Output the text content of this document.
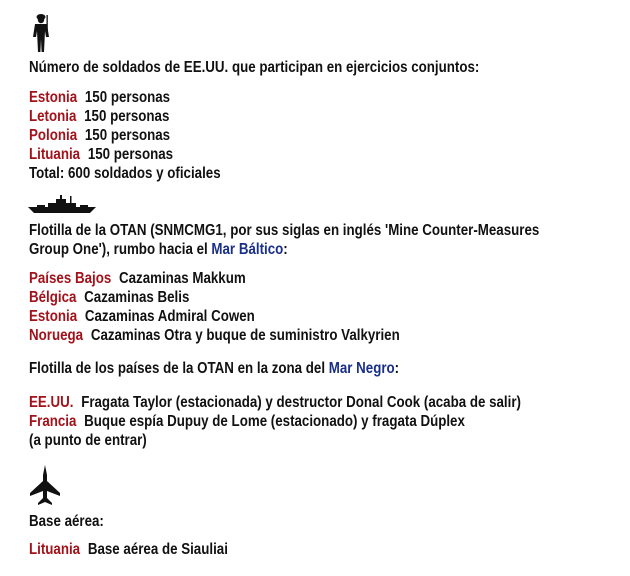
Número de soldados de EE.UU. que participan en ejercicios conjuntos:
Estonia 150 personas
Letonia 150 personas
Polonia 150 personas
Lituania 150 personas
Total: 600 soldados y oficiales
Flotilla de la OTAN (SNMCMG1, por sus siglas en inglés 'Mine Counter-Measures
Group One'), rumbo hacia el Mar Báltico:
Países Bajos Cazaminas Makkum
Bélgica Cazaminas Belis
Estonia Cazaminas Admiral Cowen
Noruega Cazaminas Otra y buque de suministro Valkyrien
Flotilla de los países de la OTAN en la zona del Mar Negro:
EE.UU. Fragata Taylor (estacionada) y destructor Donal Cook (acaba de salir)
Francia Buque espía Dupuy de Lome (estacionado) y fragata Dúplex
(a punto de entrar)
Base aérea:
Lituania Base aérea de Siauliai
